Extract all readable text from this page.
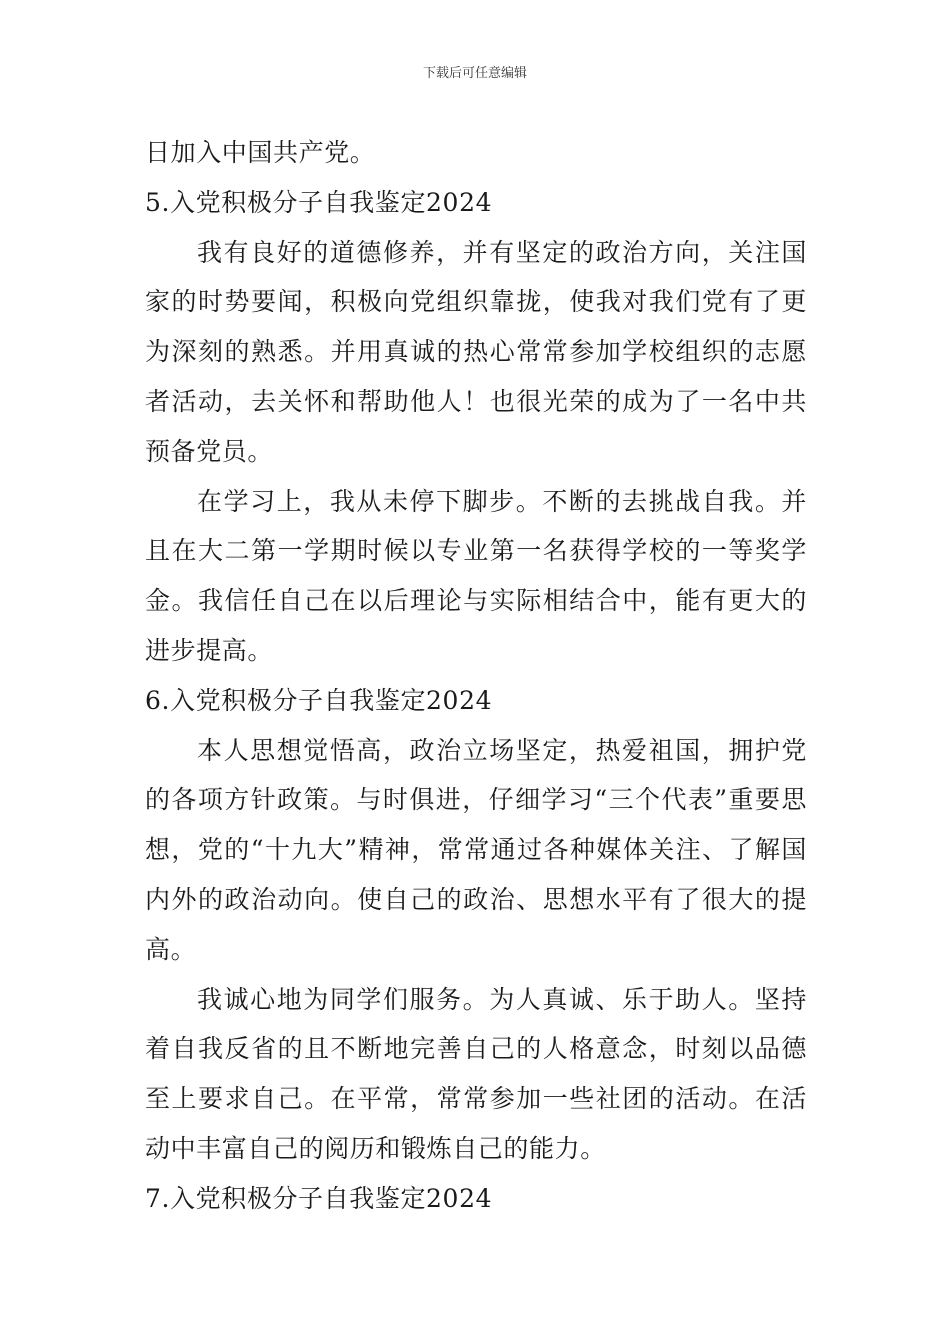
下载后可任意编辑

日加入中国共产党。

5.入党积极分子自我鉴定2024

我有良好的道德修养，并有坚定的政治方向，关注国家的时势要闻，积极向党组织靠拢，使我对我们党有了更为深刻的熟悉。并用真诚的热心常常参加学校组织的志愿者活动，去关怀和帮助他人！也很光荣的成为了一名中共预备党员。

在学习上，我从未停下脚步。不断的去挑战自我。并且在大二第一学期时候以专业第一名获得学校的一等奖学金。我信任自己在以后理论与实际相结合中，能有更大的进步提高。

6.入党积极分子自我鉴定2024

本人思想觉悟高，政治立场坚定，热爱祖国，拥护党的各项方针政策。与时俱进，仔细学习“三个代表”重要思想，党的“十九大”精神，常常通过各种媒体关注、了解国内外的政治动向。使自己的政治、思想水平有了很大的提高。

我诚心地为同学们服务。为人真诚、乐于助人。坚持着自我反省的且不断地完善自己的人格意念，时刻以品德至上要求自己。在平常，常常参加一些社团的活动。在活动中丰富自己的阅历和锻炼自己的能力。

7.入党积极分子自我鉴定2024
